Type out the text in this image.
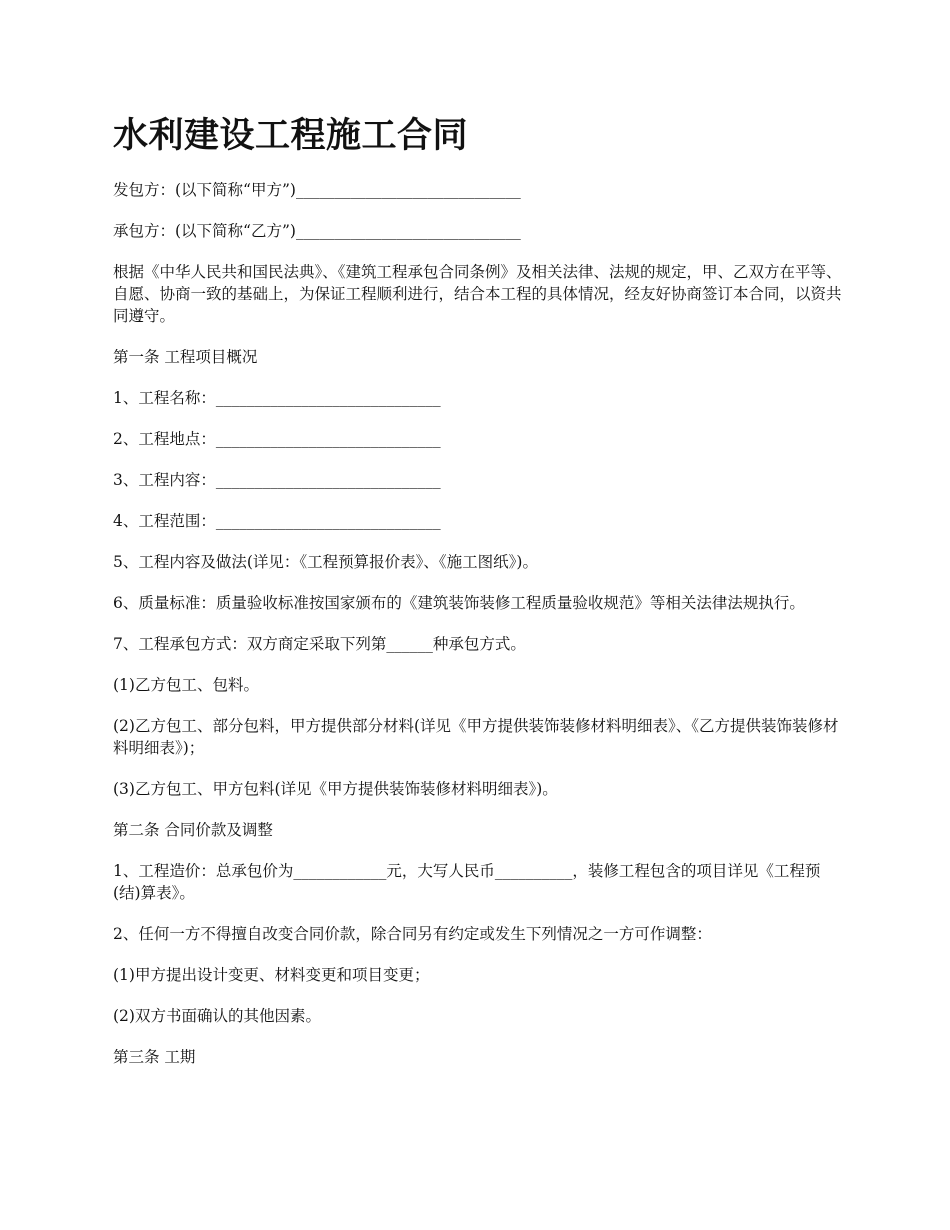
水利建设工程施工合同

发包方：(以下简称“甲方”)_____________________________

承包方：(以下简称“乙方”)_____________________________

根据《中华人民共和国民法典》、《建筑工程承包合同条例》及相关法律、法规的规定，甲、乙双方在平等、自愿、协商一致的基础上，为保证工程顺利进行，结合本工程的具体情况，经友好协商签订本合同，以资共同遵守。

第一条 工程项目概况

1、工程名称：_____________________________

2、工程地点：_____________________________

3、工程内容：_____________________________

4、工程范围：_____________________________

5、工程内容及做法(详见：《工程预算报价表》、《施工图纸》)。

6、质量标准：质量验收标准按国家颁布的《建筑装饰装修工程质量验收规范》等相关法律法规执行。

7、工程承包方式：双方商定采取下列第______种承包方式。

(1)乙方包工、包料。

(2)乙方包工、部分包料，甲方提供部分材料(详见《甲方提供装饰装修材料明细表》、《乙方提供装饰装修材料明细表》)；

(3)乙方包工、甲方包料(详见《甲方提供装饰装修材料明细表》)。

第二条 合同价款及调整

1、工程造价：总承包价为____________元，大写人民币__________，装修工程包含的项目详见《工程预(结)算表》。

2、任何一方不得擅自改变合同价款，除合同另有约定或发生下列情况之一方可作调整：

(1)甲方提出设计变更、材料变更和项目变更；

(2)双方书面确认的其他因素。

第三条 工期
